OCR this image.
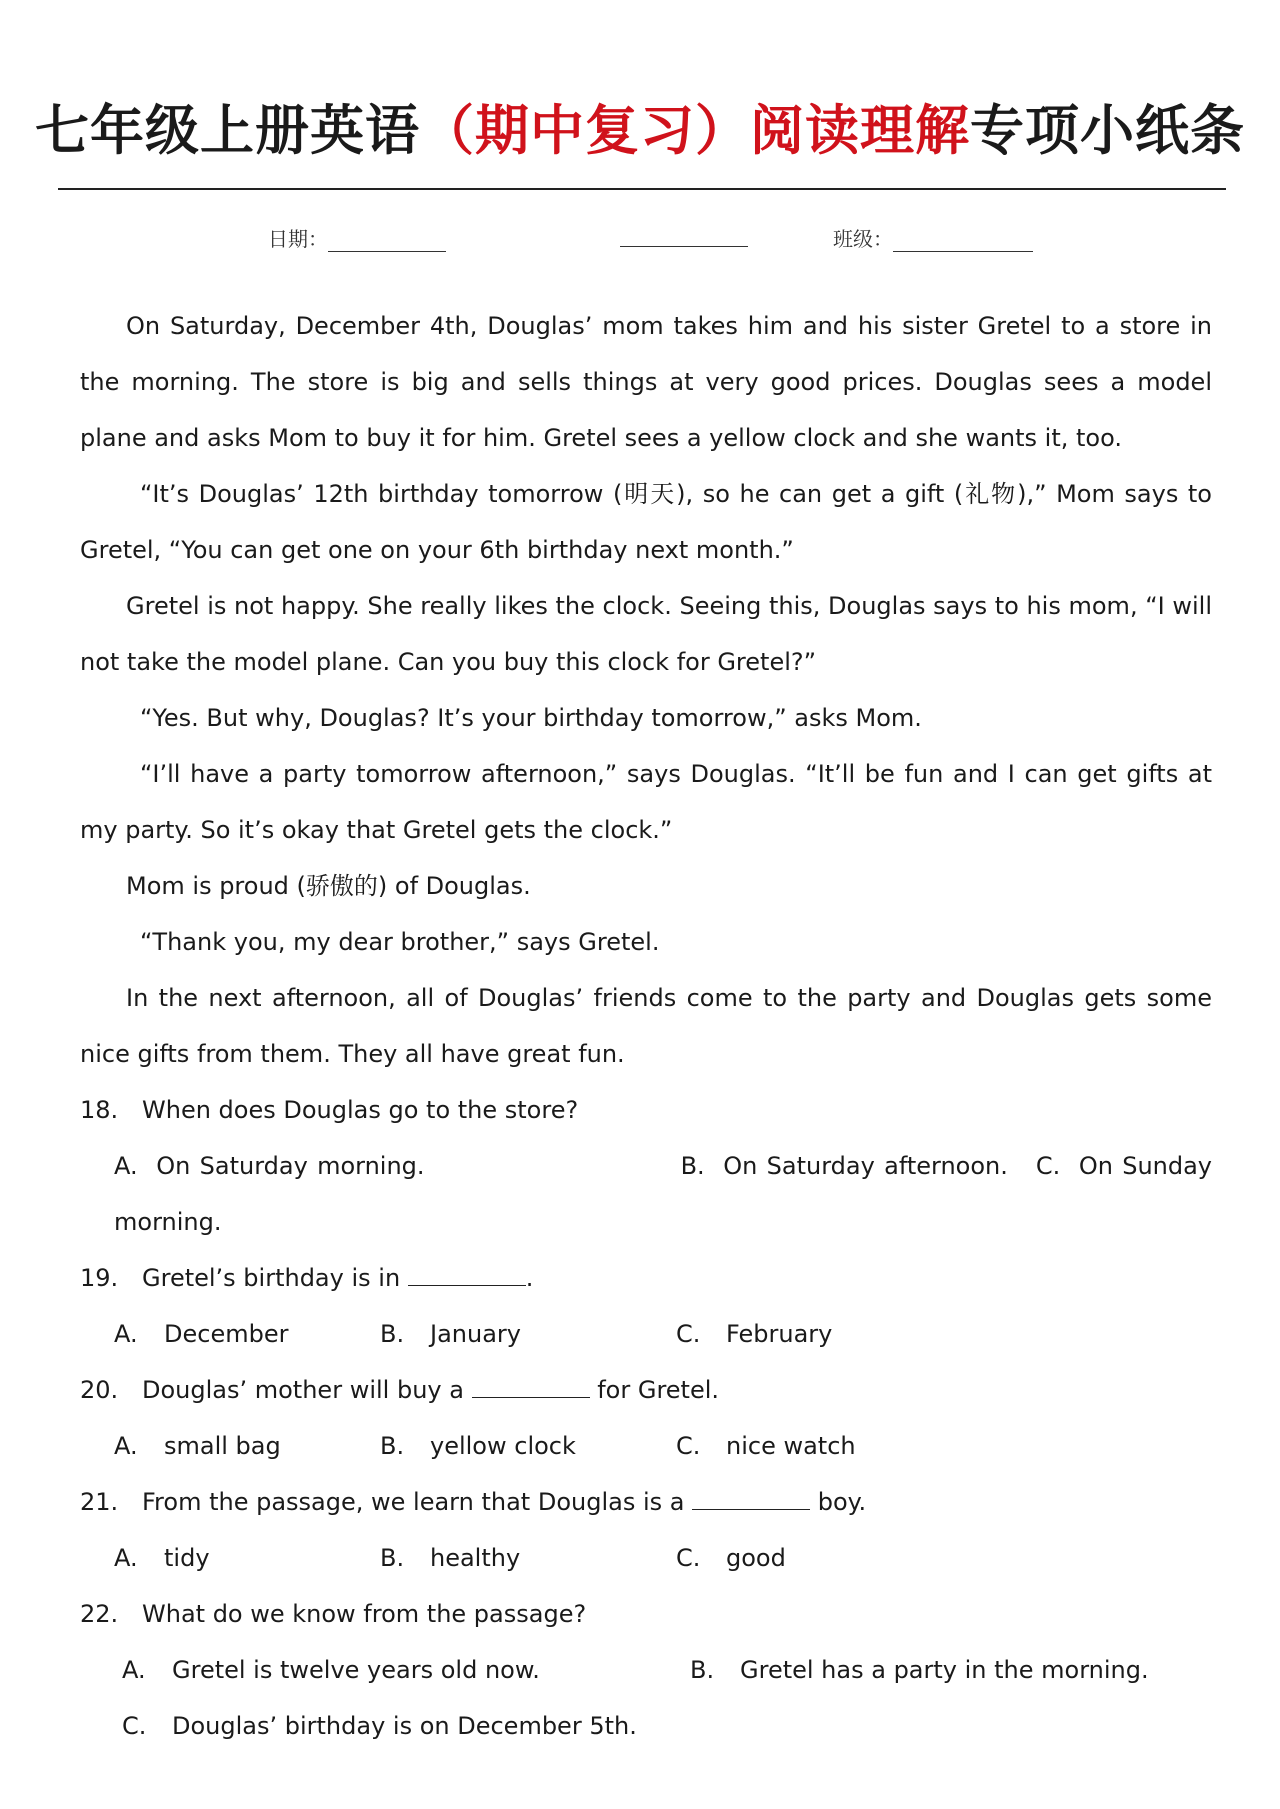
七年级上册英语（期中复习）阅读理解专项小纸条
日期：	班级：

On Saturday, December 4th, Douglas’ mom takes him and his sister Gretel to a store in the morning. The store is big and sells things at very good prices. Douglas sees a model plane and asks Mom to buy it for him. Gretel sees a yellow clock and she wants it, too.

“It’s Douglas’ 12th birthday tomorrow (明天), so he can get a gift (礼物),” Mom says to Gretel, “You can get one on your 6th birthday next month.”

Gretel is not happy. She really likes the clock. Seeing this, Douglas says to his mom, “I will not take the model plane. Can you buy this clock for Gretel?”

“Yes. But why, Douglas? It’s your birthday tomorrow,” asks Mom.

“I’ll have a party tomorrow afternoon,” says Douglas. “It’ll be fun and I can get gifts at my party. So it’s okay that Gretel gets the clock.”

Mom is proud (骄傲的) of Douglas.

“Thank you, my dear brother,” says Gretel.

In the next afternoon, all of Douglas’ friends come to the party and Douglas gets some nice gifts from them. They all have great fun.

18. When does Douglas go to the store?

A. On Saturday morning.	B. On Saturday afternoon. C. On Sunday morning.

19. Gretel’s birthday is in	.

A. December	B. January	C. February

20. Douglas’ mother will buy a	for Gretel.

A. small bag	B. yellow clock	C. nice watch

21. From the passage, we learn that Douglas is a	boy.

A. tidy	B. healthy	C. good

22. What do we know from the passage?

A. Gretel is twelve years old now.	B. Gretel has a party in the morning.
C. Douglas’ birthday is on December 5th.
